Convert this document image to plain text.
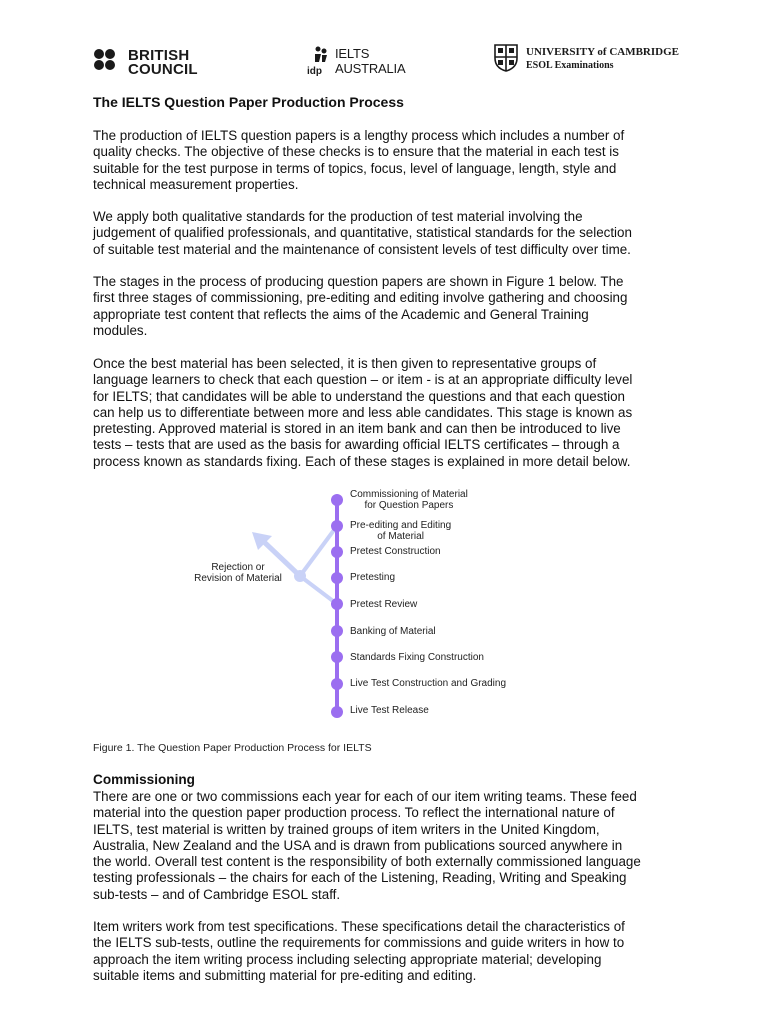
BRITISH
COUNCIL	idp
IELTS
AUSTRALIA
UNIVERSITY of CAMBRIDGE
ESOL Examinations
The IELTS Question Paper Production Process
The production of IELTS question papers is a lengthy process which includes a number of
quality checks. The objective of these checks is to ensure that the material in each test is
suitable for the test purpose in terms of topics, focus, level of language, length, style and
technical measurement properties.
We apply both qualitative standards for the production of test material involving the
judgement of qualified professionals, and quantitative, statistical standards for the selection
of suitable test material and the maintenance of consistent levels of test difficulty over time.
The stages in the process of producing question papers are shown in Figure 1 below. The
first three stages of commissioning, pre-editing and editing involve gathering and choosing
appropriate test content that reflects the aims of the Academic and General Training
modules.
Once the best material has been selected, it is then given to representative groups of
language learners to check that each question – or item - is at an appropriate difficulty level
for IELTS; that candidates will be able to understand the questions and that each question
can help us to differentiate between more and less able candidates. This stage is known as
pretesting. Approved material is stored in an item bank and can then be introduced to live
tests – tests that are used as the basis for awarding official IELTS certificates – through a
process known as standards fixing. Each of these stages is explained in more detail below.
Commissioning of Material
for Question Papers
Pre-editing and Editing
of Material
Pretest Construction
Pretesting
Pretest Review
Banking of Material
Standards Fixing Construction
Live Test Construction and Grading
Live Test Release
Rejection or
Revision of Material
Figure 1. The Question Paper Production Process for IELTS
Commissioning
There are one or two commissions each year for each of our item writing teams. These feed
material into the question paper production process. To reflect the international nature of
IELTS, test material is written by trained groups of item writers in the United Kingdom,
Australia, New Zealand and the USA and is drawn from publications sourced anywhere in
the world. Overall test content is the responsibility of both externally commissioned language
testing professionals – the chairs for each of the Listening, Reading, Writing and Speaking
sub-tests – and of Cambridge ESOL staff.
Item writers work from test specifications. These specifications detail the characteristics of
the IELTS sub-tests, outline the requirements for commissions and guide writers in how to
approach the item writing process including selecting appropriate material; developing
suitable items and submitting material for pre-editing and editing.
